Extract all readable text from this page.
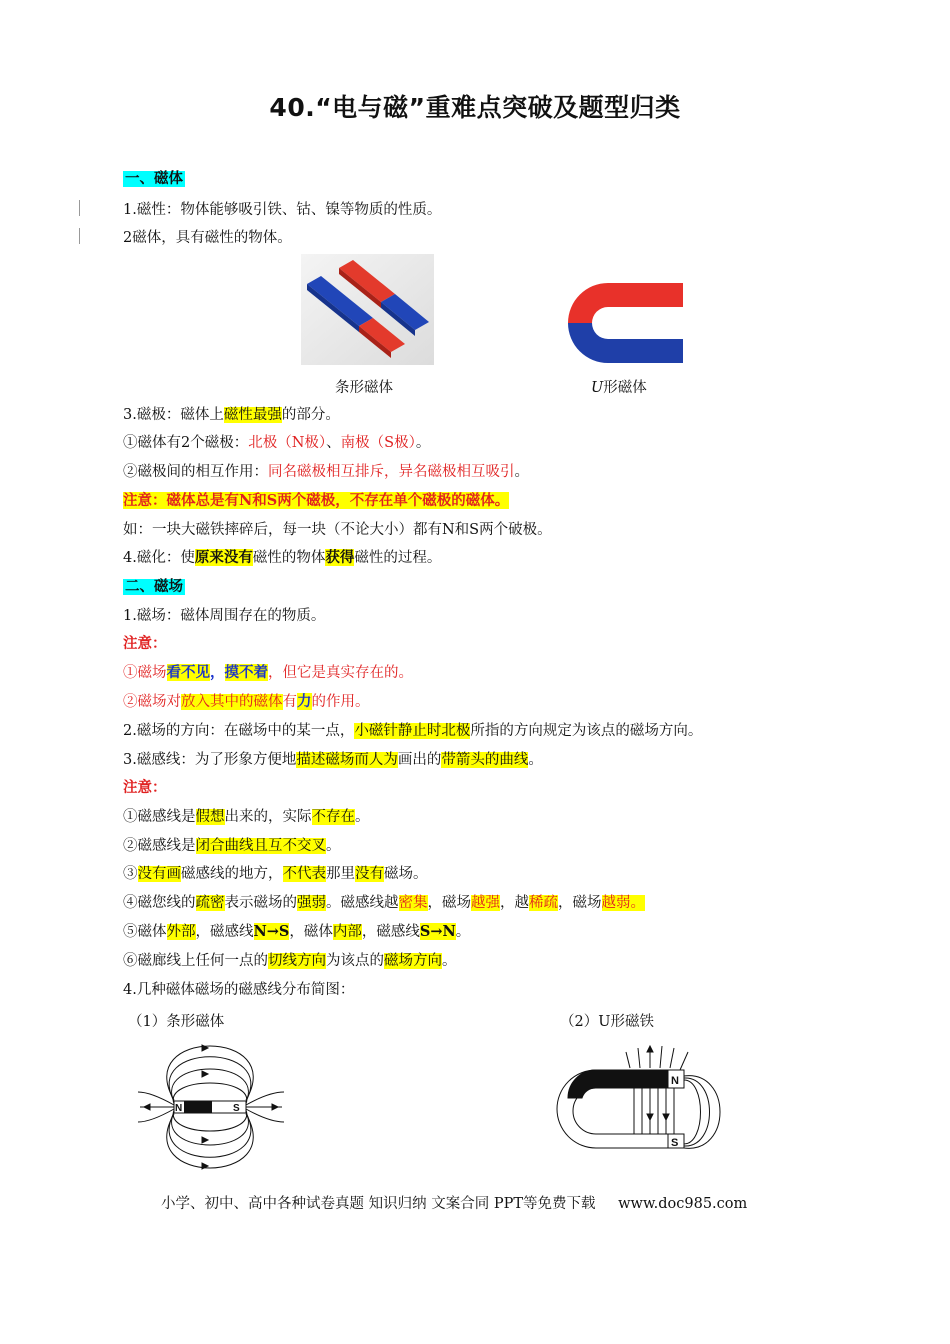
40.“电与磁”重难点突破及题型归类
一、磁体
1.磁性：物体能够吸引铁、钴、镍等物质的性质。
2磁体，具有磁性的物体。
条形磁体	U形磁体
3.磁极：磁体上磁性最强的部分。
①磁体有2个磁极：北极（N极）、南极（S极）。
②磁极间的相互作用：同名磁极相互排斥，异名磁极相互吸引。
注意：磁体总是有N和S两个磁极，不存在单个磁极的磁体。
如：一块大磁铁摔碎后，每一块（不论大小）都有N和S两个破极。
4.磁化：使原来没有磁性的物体获得磁性的过程。
二、磁场
1.磁场：磁体周围存在的物质。
注意：
①磁场看不见，摸不着，但它是真实存在的。
②磁场对放入其中的磁体有力的作用。
2.磁场的方向：在磁场中的某一点，小磁针静止时北极所指的方向规定为该点的磁场方向。
3.磁感线：为了形象方便地描述磁场而人为画出的带箭头的曲线。
注意：
①磁感线是假想出来的，实际不存在。
②磁感线是闭合曲线且互不交叉。
③没有画磁感线的地方，不代表那里没有磁场。
④磁您线的疏密表示磁场的强弱。磁感线越密集，磁场越强，越稀疏，磁场越弱。
⑤磁体外部，磁感线N→S，磁体内部，磁感线S→N。
⑥磁廊线上任何一点的切线方向为该点的磁场方向。
4.几种磁体磁场的磁感线分布简图：
（1）条形磁体	（2）U形磁铁
N	S
N
S
小学、初中、高中各种试卷真题 知识归纳 文案合同 PPT等免费下载 www.doc985.com
